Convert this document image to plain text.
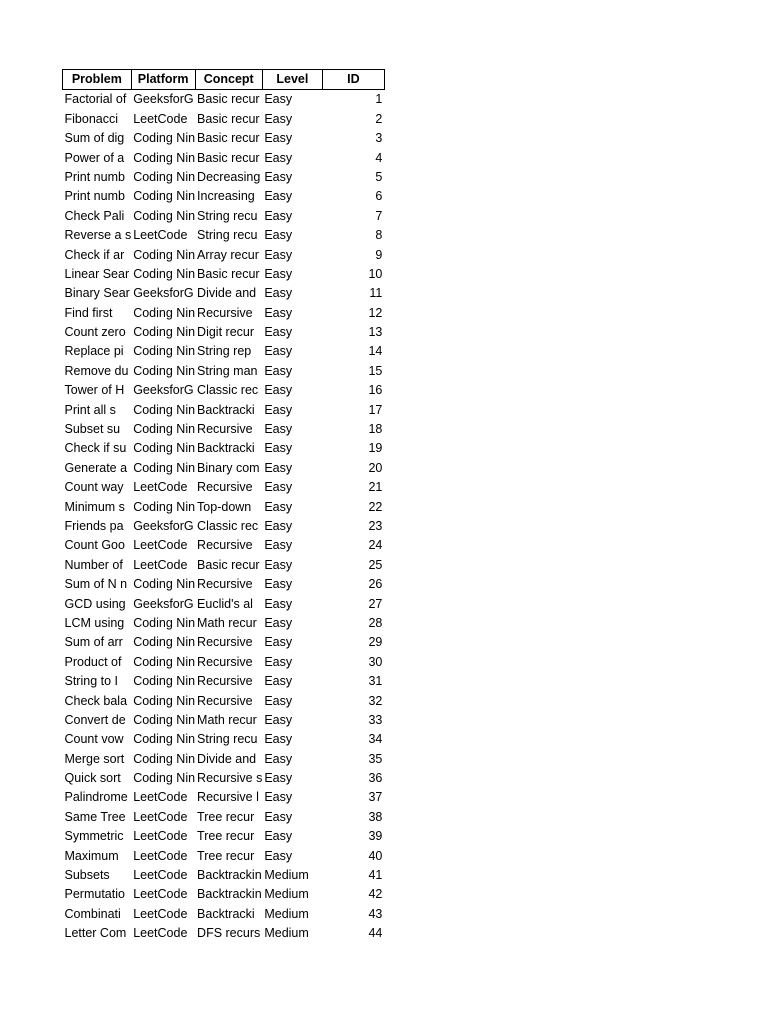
Problem	Platform	Concept	Level	ID
Factorial of	GeeksforG	Basic recur	Easy	1
Fibonacci	LeetCode	Basic recur	Easy	2
Sum of dig	Coding Nin	Basic recur	Easy	3
Power of a	Coding Nin	Basic recur	Easy	4
Print numb	Coding Nin	Decreasing	Easy	5
Print numb	Coding Nin	Increasing	Easy	6
Check Pali	Coding Nin	String recu	Easy	7
Reverse a s	LeetCode	String recu	Easy	8
Check if ar	Coding Nin	Array recur	Easy	9
Linear Sear	Coding Nin	Basic recur	Easy	10
Binary Sear	GeeksforG	Divide and	Easy	11
Find first	Coding Nin	Recursive	Easy	12
Count zero	Coding Nin	Digit recur	Easy	13
Replace pi	Coding Nin	String rep	Easy	14
Remove du	Coding Nin	String man	Easy	15
Tower of H	GeeksforG	Classic rec	Easy	16
Print all s	Coding Nin	Backtracki	Easy	17
Subset su	Coding Nin	Recursive	Easy	18
Check if su	Coding Nin	Backtracki	Easy	19
Generate a	Coding Nin	Binary com	Easy	20
Count way	LeetCode	Recursive	Easy	21
Minimum s	Coding Nin	Top-down	Easy	22
Friends pa	GeeksforG	Classic rec	Easy	23
Count Goo	LeetCode	Recursive	Easy	24
Number of	LeetCode	Basic recur	Easy	25
Sum of N n	Coding Nin	Recursive	Easy	26
GCD using	GeeksforG	Euclid's al	Easy	27
LCM using	Coding Nin	Math recur	Easy	28
Sum of arr	Coding Nin	Recursive	Easy	29
Product of	Coding Nin	Recursive	Easy	30
String to I	Coding Nin	Recursive	Easy	31
Check bala	Coding Nin	Recursive	Easy	32
Convert de	Coding Nin	Math recur	Easy	33
Count vow	Coding Nin	String recu	Easy	34
Merge sort	Coding Nin	Divide and	Easy	35
Quick sort	Coding Nin	Recursive s	Easy	36
Palindrome	LeetCode	Recursive l	Easy	37
Same Tree	LeetCode	Tree recur	Easy	38
Symmetric	LeetCode	Tree recur	Easy	39
Maximum	LeetCode	Tree recur	Easy	40
Subsets	LeetCode	Backtrackin	Medium	41
Permutatio	LeetCode	Backtrackin	Medium	42
Combinati	LeetCode	Backtracki	Medium	43
Letter Com	LeetCode	DFS recurs	Medium	44
